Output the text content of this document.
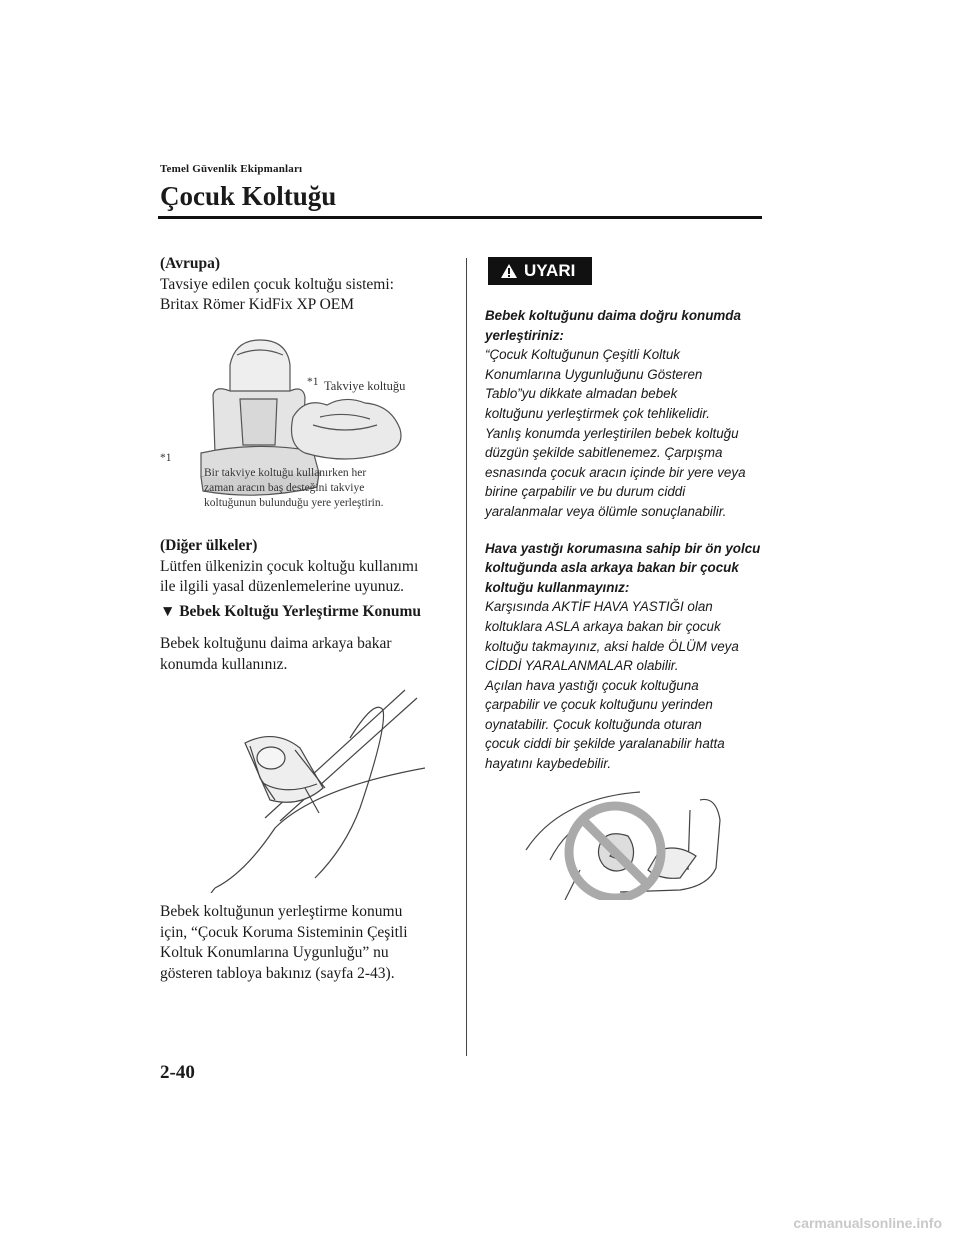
Temel Güvenlik Ekipmanları
Çocuk Koltuğu

(Avrupa)

Tavsiye edilen çocuk koltuğu sistemi:

Britax Römer KidFix XP OEM

*1 Takviye koltuğu
*1
Bir takviye koltuğu kullanırken her
zaman aracın baş desteğini takviye
koltuğunun bulunduğu yere yerleştirin.

(Diğer ülkeler)

Lütfen ülkenizin çocuk koltuğu kullanımı

ile ilgili yasal düzenlemelerine uyunuz.

▼ Bebek Koltuğu Yerleştirme Konumu

Bebek koltuğunu daima arkaya bakar

konumda kullanınız.

Bebek koltuğunun yerleştirme konumu

için, “Çocuk Koruma Sisteminin Çeşitli

Koltuk Konumlarına Uygunluğu” nu

gösteren tabloya bakınız (sayfa 2-43).

UYARI
Bebek koltuğunu daima doğru konumda
yerleştiriniz:
“Çocuk Koltuğunun Çeşitli Koltuk
Konumlarına Uygunluğunu Gösteren
Tablo”yu dikkate almadan bebek
koltuğunu yerleştirmek çok tehlikelidir.
Yanlış konumda yerleştirilen bebek koltuğu
düzgün şekilde sabitlenemez. Çarpışma
esnasında çocuk aracın içinde bir yere veya
birine çarpabilir ve bu durum ciddi
yaralanmalar veya ölümle sonuçlanabilir.
Hava yastığı korumasına sahip bir ön yolcu
koltuğunda asla arkaya bakan bir çocuk
koltuğu kullanmayınız:
Karşısında AKTİF HAVA YASTIĞI olan
koltuklara ASLA arkaya bakan bir çocuk
koltuğu takmayınız, aksi halde ÖLÜM veya
CİDDİ YARALANMALAR olabilir.
Açılan hava yastığı çocuk koltuğuna
çarpabilir ve çocuk koltuğunu yerinden
oynatabilir. Çocuk koltuğunda oturan
çocuk ciddi bir şekilde yaralanabilir hatta
hayatını kaybedebilir.
2-40
carmanualsonline.info
